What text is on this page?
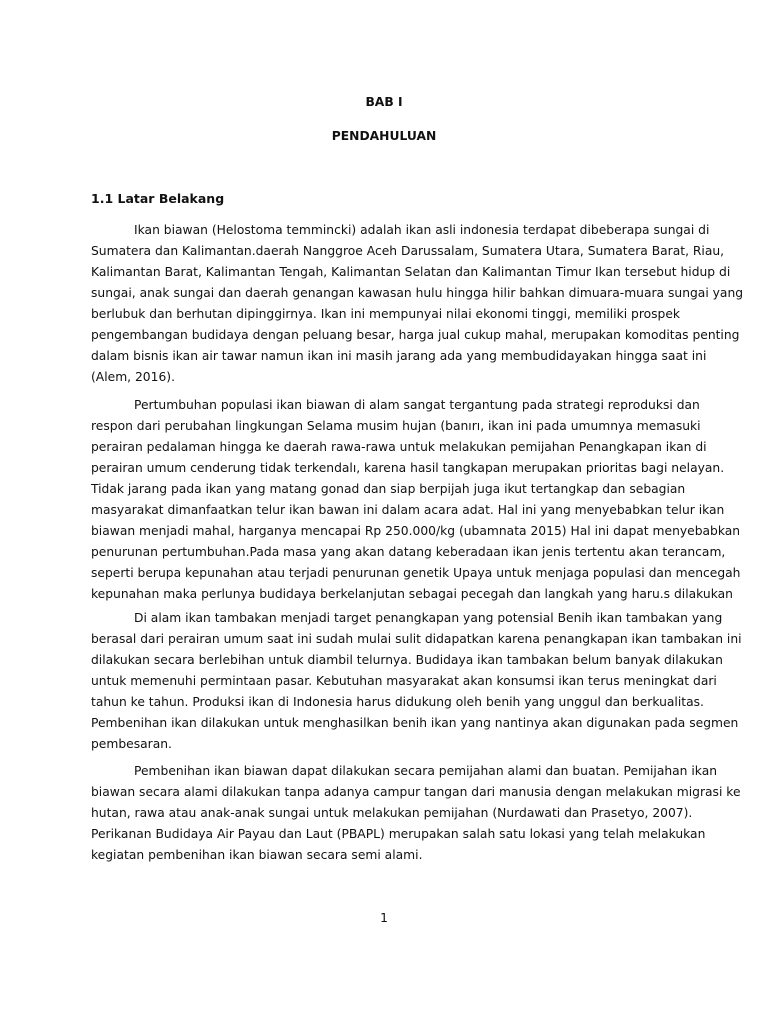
BAB I
PENDAHULUAN
1.1 Latar Belakang
Ikan biawan (Helostoma temmincki) adalah ikan asli indonesia terdapat dibeberapa sungai di
Sumatera dan Kalimantan.daerah Nanggroe Aceh Darussalam, Sumatera Utara, Sumatera Barat, Riau,
Kalimantan Barat, Kalimantan Tengah, Kalimantan Selatan dan Kalimantan Timur Ikan tersebut hidup di
sungai, anak sungai dan daerah genangan kawasan hulu hingga hilir bahkan dimuara-muara sungai yang
berlubuk dan berhutan dipinggirnya. Ikan ini mempunyai nilai ekonomi tinggi, memiliki prospek
pengembangan budidaya dengan peluang besar, harga jual cukup mahal, merupakan komoditas penting
dalam bisnis ikan air tawar namun ikan ini masih jarang ada yang membudidayakan hingga saat ini
(Alem, 2016).
Pertumbuhan populasi ikan biawan di alam sangat tergantung pada strategi reproduksi dan
respon dari perubahan lingkungan Selama musim hujan (banırı, ikan ini pada umumnya memasuki
perairan pedalaman hingga ke daerah rawa-rawa untuk melakukan pemijahan Penangkapan ikan di
perairan umum cenderung tidak terkendalı, karena hasil tangkapan merupakan prioritas bagi nelayan.
Tidak jarang pada ikan yang matang gonad dan siap berpijah juga ikut tertangkap dan sebagian
masyarakat dimanfaatkan telur ikan bawan ini dalam acara adat. Hal ini yang menyebabkan telur ikan
biawan menjadi mahal, harganya mencapai Rp 250.000/kg (ubamnata 2015) Hal ini dapat menyebabkan
penurunan pertumbuhan.Pada masa yang akan datang keberadaan ikan jenis tertentu akan terancam,
seperti berupa kepunahan atau terjadi penurunan genetik Upaya untuk menjaga populasi dan mencegah
kepunahan maka perlunya budidaya berkelanjutan sebagai pecegah dan langkah yang haru.s dilakukan
Di alam ikan tambakan menjadi target penangkapan yang potensial Benih ikan tambakan yang
berasal dari perairan umum saat ini sudah mulai sulit didapatkan karena penangkapan ikan tambakan ini
dilakukan secara berlebihan untuk diambil telurnya. Budidaya ikan tambakan belum banyak dilakukan
untuk memenuhi permintaan pasar. Kebutuhan masyarakat akan konsumsi ikan terus meningkat dari
tahun ke tahun. Produksi ikan di Indonesia harus didukung oleh benih yang unggul dan berkualitas.
Pembenihan ikan dilakukan untuk menghasilkan benih ikan yang nantinya akan digunakan pada segmen
pembesaran.
Pembenihan ikan biawan dapat dilakukan secara pemijahan alami dan buatan. Pemijahan ikan
biawan secara alami dilakukan tanpa adanya campur tangan dari manusia dengan melakukan migrasi ke
hutan, rawa atau anak-anak sungai untuk melakukan pemijahan (Nurdawati dan Prasetyo, 2007).
Perikanan Budidaya Air Payau dan Laut (PBAPL) merupakan salah satu lokasi yang telah melakukan
kegiatan pembenihan ikan biawan secara semi alami.
1
